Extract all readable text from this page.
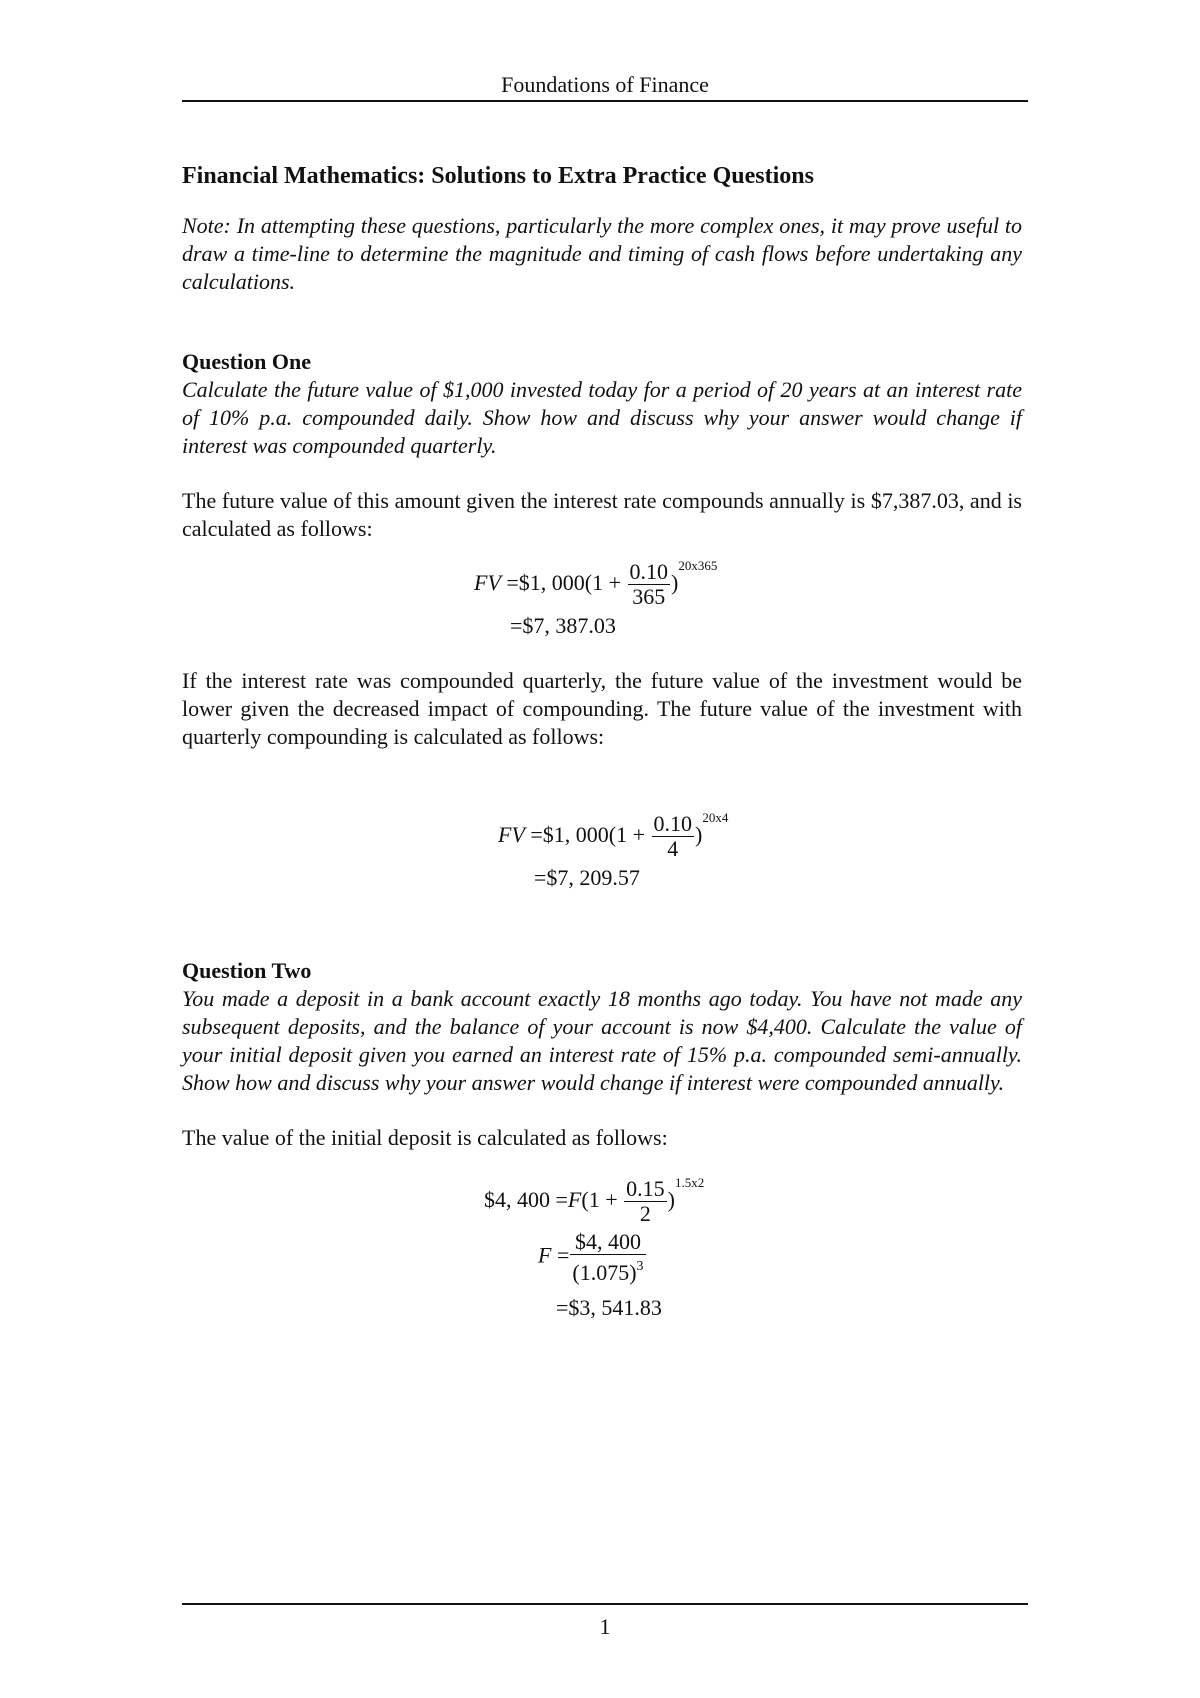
Foundations of Finance
Financial Mathematics: Solutions to Extra Practice Questions

Note: In attempting these questions, particularly the more complex ones, it may prove useful to draw a time-line to determine the magnitude and timing of cash flows before undertaking any calculations.

Question One

Calculate the future value of $1,000 invested today for a period of 20 years at an interest rate of 10% p.a. compounded daily. Show how and discuss why your answer would change if interest was compounded quarterly.

The future value of this amount given the interest rate compounds annually is $7,387.03, and is calculated as follows:

FV =$1, $000(1 + \frac{0.10}{365} )^{20x365}$
=$7, 387.03

If the interest rate was compounded quarterly, the future value of the investment would be lower given the decreased impact of compounding. The future value of the investment with quarterly compounding is calculated as follows:

FV =$1, $000(1 + \frac{0.10}{4} )^{20x4}$
=$7, 209.57
Question Two

You made a deposit in a bank account exactly 18 months ago today. You have not made any subsequent deposits, and the balance of your account is now $4,400. Calculate the value of your initial deposit given you earned an interest rate of 15% p.a. compounded semi-annually. Show how and discuss why your answer would change if interest were compounded annually.

The value of the initial deposit is calculated as follows:

$4, $400 =F(1 + \frac{0.15}{2} )^{1.5x2}$
$F = \frac{\$4, 400}{(1.075)^3}$
=$3, 541.83
1
